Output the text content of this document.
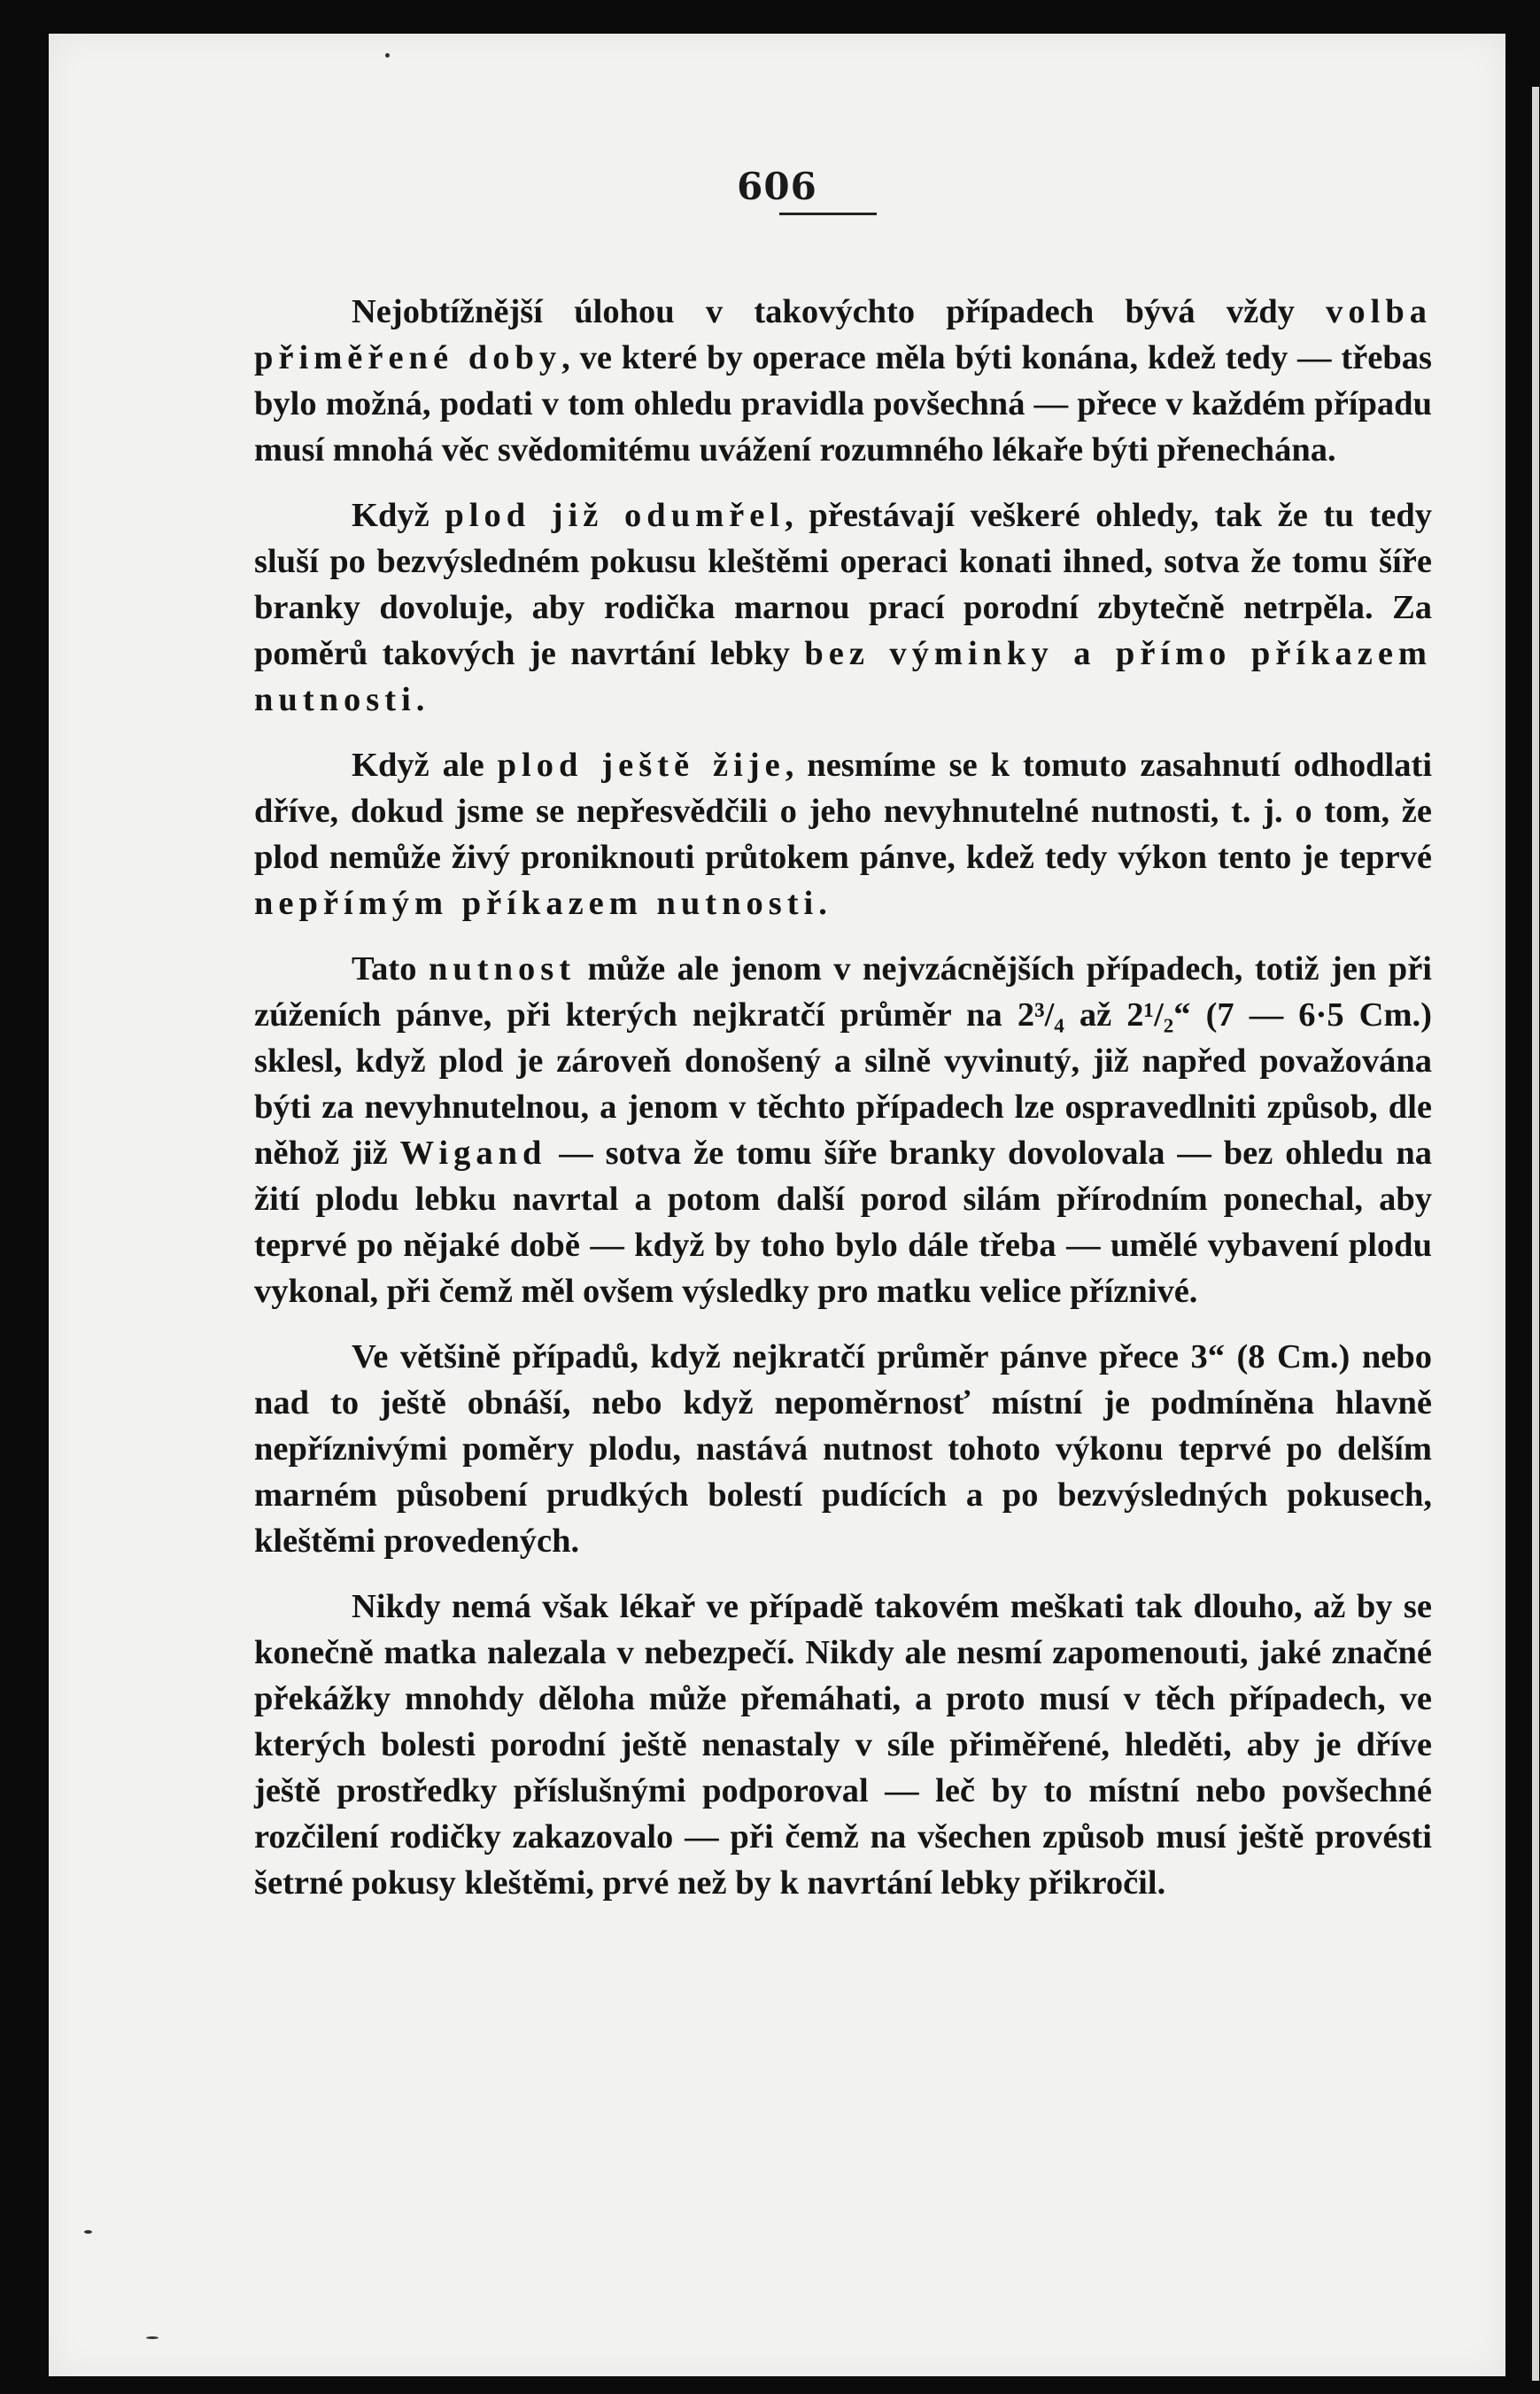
606

Nejobtížnější úlohou v takovýchto případech bývá vždy volba přiměřené doby, ve které by operace měla býti konána, kdež tedy — třebas bylo možná, podati v tom ohledu pravidla povšechná — přece v každém případu musí mnohá věc svědomitému uvážení rozumného lékaře býti přenechána.

Když plod již odumřel, přestávají veškeré ohledy, tak že tu tedy sluší po bezvýsledném pokusu kleštěmi operaci konati ihned, sotva že tomu šíře branky dovoluje, aby rodička marnou prací porodní zbytečně netrpěla. Za poměrů takových je navrtání lebky bez výminky a přímo příkazem nutnosti.

Když ale plod ještě žije, nesmíme se k tomuto zasahnutí odhodlati dříve, dokud jsme se nepřesvědčili o jeho nevyhnutelné nutnosti, t. j. o tom, že plod nemůže živý proniknouti průtokem pánve, kdež tedy výkon tento je teprvé nepřímým příkazem nutnosti.

Tato nutnost může ale jenom v nejvzácnějších případech, totiž jen při zúženích pánve, při kterých nejkratčí průměr na 2³/₄ až 2¹/₂“ (7 — 6·5 Cm.) sklesl, když plod je zároveň donošený a silně vyvinutý, již napřed považována býti za nevyhnutelnou, a jenom v těchto případech lze ospravedlniti způsob, dle něhož již Wigand — sotva že tomu šíře branky dovolovala — bez ohledu na žití plodu lebku navrtal a potom další porod silám přírodním ponechal, aby teprvé po nějaké době — když by toho bylo dále třeba — umělé vybavení plodu vykonal, při čemž měl ovšem výsledky pro matku velice příznivé.

Ve většině případů, když nejkratčí průměr pánve přece 3“ (8 Cm.) nebo nad to ještě obnáší, nebo když nepoměrnosť místní je podmíněna hlavně nepříznivými poměry plodu, nastává nutnost tohoto výkonu teprvé po delším marném působení prudkých bolestí pudících a po bezvýsledných pokusech, kleštěmi provedených.

Nikdy nemá však lékař ve případě takovém meškati tak dlouho, až by se konečně matka nalezala v nebezpečí. Nikdy ale nesmí zapomenouti, jaké značné překážky mnohdy děloha může přemáhati, a proto musí v těch případech, ve kterých bolesti porodní ještě nenastaly v síle přiměřené, hleděti, aby je dříve ještě prostředky příslušnými podporoval — leč by to místní nebo povšechné rozčilení rodičky zakazovalo — při čemž na všechen způsob musí ještě provésti šetrné pokusy kleštěmi, prvé než by k navrtání lebky přikročil.
